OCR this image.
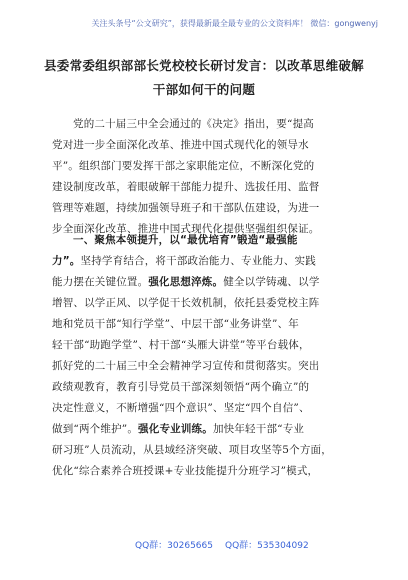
关注头条号“公文研究”，获得最新最全最专业的公文资料库！ 微信：gongwenyj
县委常委组织部部长党校校长研讨发言：以改革思维破解
干部如何干的问题
党的二十届三中全会通过的《决定》指出，要“提高
党对进一步全面深化改革、推进中国式现代化的领导水
平”。组织部门要发挥干部之家职能定位，不断深化党的
建设制度改革，着眼破解干部能力提升、选拔任用、监督
管理等难题，持续加强领导班子和干部队伍建设，为进一
步全面深化改革、推进中国式现代化提供坚强组织保证。
一、聚焦本领提升，以“最优培育”锻造“最强能
力”。坚持学育结合，将干部政治能力、专业能力、实践
能力摆在关键位置。强化思想淬炼。健全以学铸魂、以学
增智、以学正风、以学促干长效机制，依托县委党校主阵
地和党员干部“知行学堂”、中层干部“业务讲堂”、年
轻干部“助跑学堂”、村干部“头雁大讲堂”等平台载体，
抓好党的二十届三中全会精神学习宣传和贯彻落实。突出
政绩观教育，教育引导党员干部深刻领悟“两个确立”的
决定性意义，不断增强“四个意识”、坚定“四个自信”、
做到“两个维护”。强化专业训练。加快年轻干部“专业
研习班”人员流动，从县域经济突破、项目攻坚等5个方面，
优化“综合素养合班授课+专业技能提升分班学习”模式，
QQ群：30265665 QQ群：535304092
